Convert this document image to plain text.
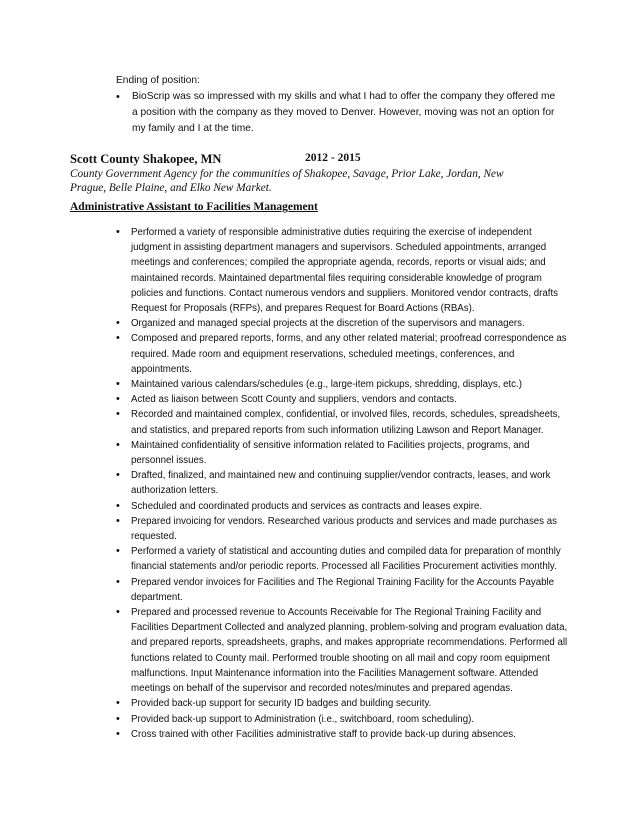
Ending of position:
• BioScrip was so impressed with my skills and what I had to offer the company they offered me a position with the company as they moved to Denver. However, moving was not an option for my family and I at the time.
Scott County Shakopee, MN	2012 - 2015
County Government Agency for the communities of Shakopee, Savage, Prior Lake, Jordan, New Prague, Belle Plaine, and Elko New Market.
Administrative Assistant to Facilities Management
• Performed a variety of responsible administrative duties requiring the exercise of independent judgment in assisting department managers and supervisors. Scheduled appointments, arranged meetings and conferences; compiled the appropriate agenda, records, reports or visual aids; and maintained records. Maintained departmental files requiring considerable knowledge of program policies and functions. Contact numerous vendors and suppliers. Monitored vendor contracts, drafts Request for Proposals (RFPs), and prepares Request for Board Actions (RBAs).
• Organized and managed special projects at the discretion of the supervisors and managers.
• Composed and prepared reports, forms, and any other related material; proofread correspondence as required. Made room and equipment reservations, scheduled meetings, conferences, and appointments.
• Maintained various calendars/schedules (e.g., large-item pickups, shredding, displays, etc.)
• Acted as liaison between Scott County and suppliers, vendors and contacts.
• Recorded and maintained complex, confidential, or involved files, records, schedules, spreadsheets, and statistics, and prepared reports from such information utilizing Lawson and Report Manager.
• Maintained confidentiality of sensitive information related to Facilities projects, programs, and personnel issues.
• Drafted, finalized, and maintained new and continuing supplier/vendor contracts, leases, and work authorization letters.
• Scheduled and coordinated products and services as contracts and leases expire.
• Prepared invoicing for vendors. Researched various products and services and made purchases as requested.
• Performed a variety of statistical and accounting duties and compiled data for preparation of monthly financial statements and/or periodic reports. Processed all Facilities Procurement activities monthly.
• Prepared vendor invoices for Facilities and The Regional Training Facility for the Accounts Payable department.
• Prepared and processed revenue to Accounts Receivable for The Regional Training Facility and Facilities Department Collected and analyzed planning, problem-solving and program evaluation data, and prepared reports, spreadsheets, graphs, and makes appropriate recommendations. Performed all functions related to County mail. Performed trouble shooting on all mail and copy room equipment malfunctions. Input Maintenance information into the Facilities Management software. Attended meetings on behalf of the supervisor and recorded notes/minutes and prepared agendas.
• Provided back-up support for security ID badges and building security.
• Provided back-up support to Administration (i.e., switchboard, room scheduling).
• Cross trained with other Facilities administrative staff to provide back-up during absences.
